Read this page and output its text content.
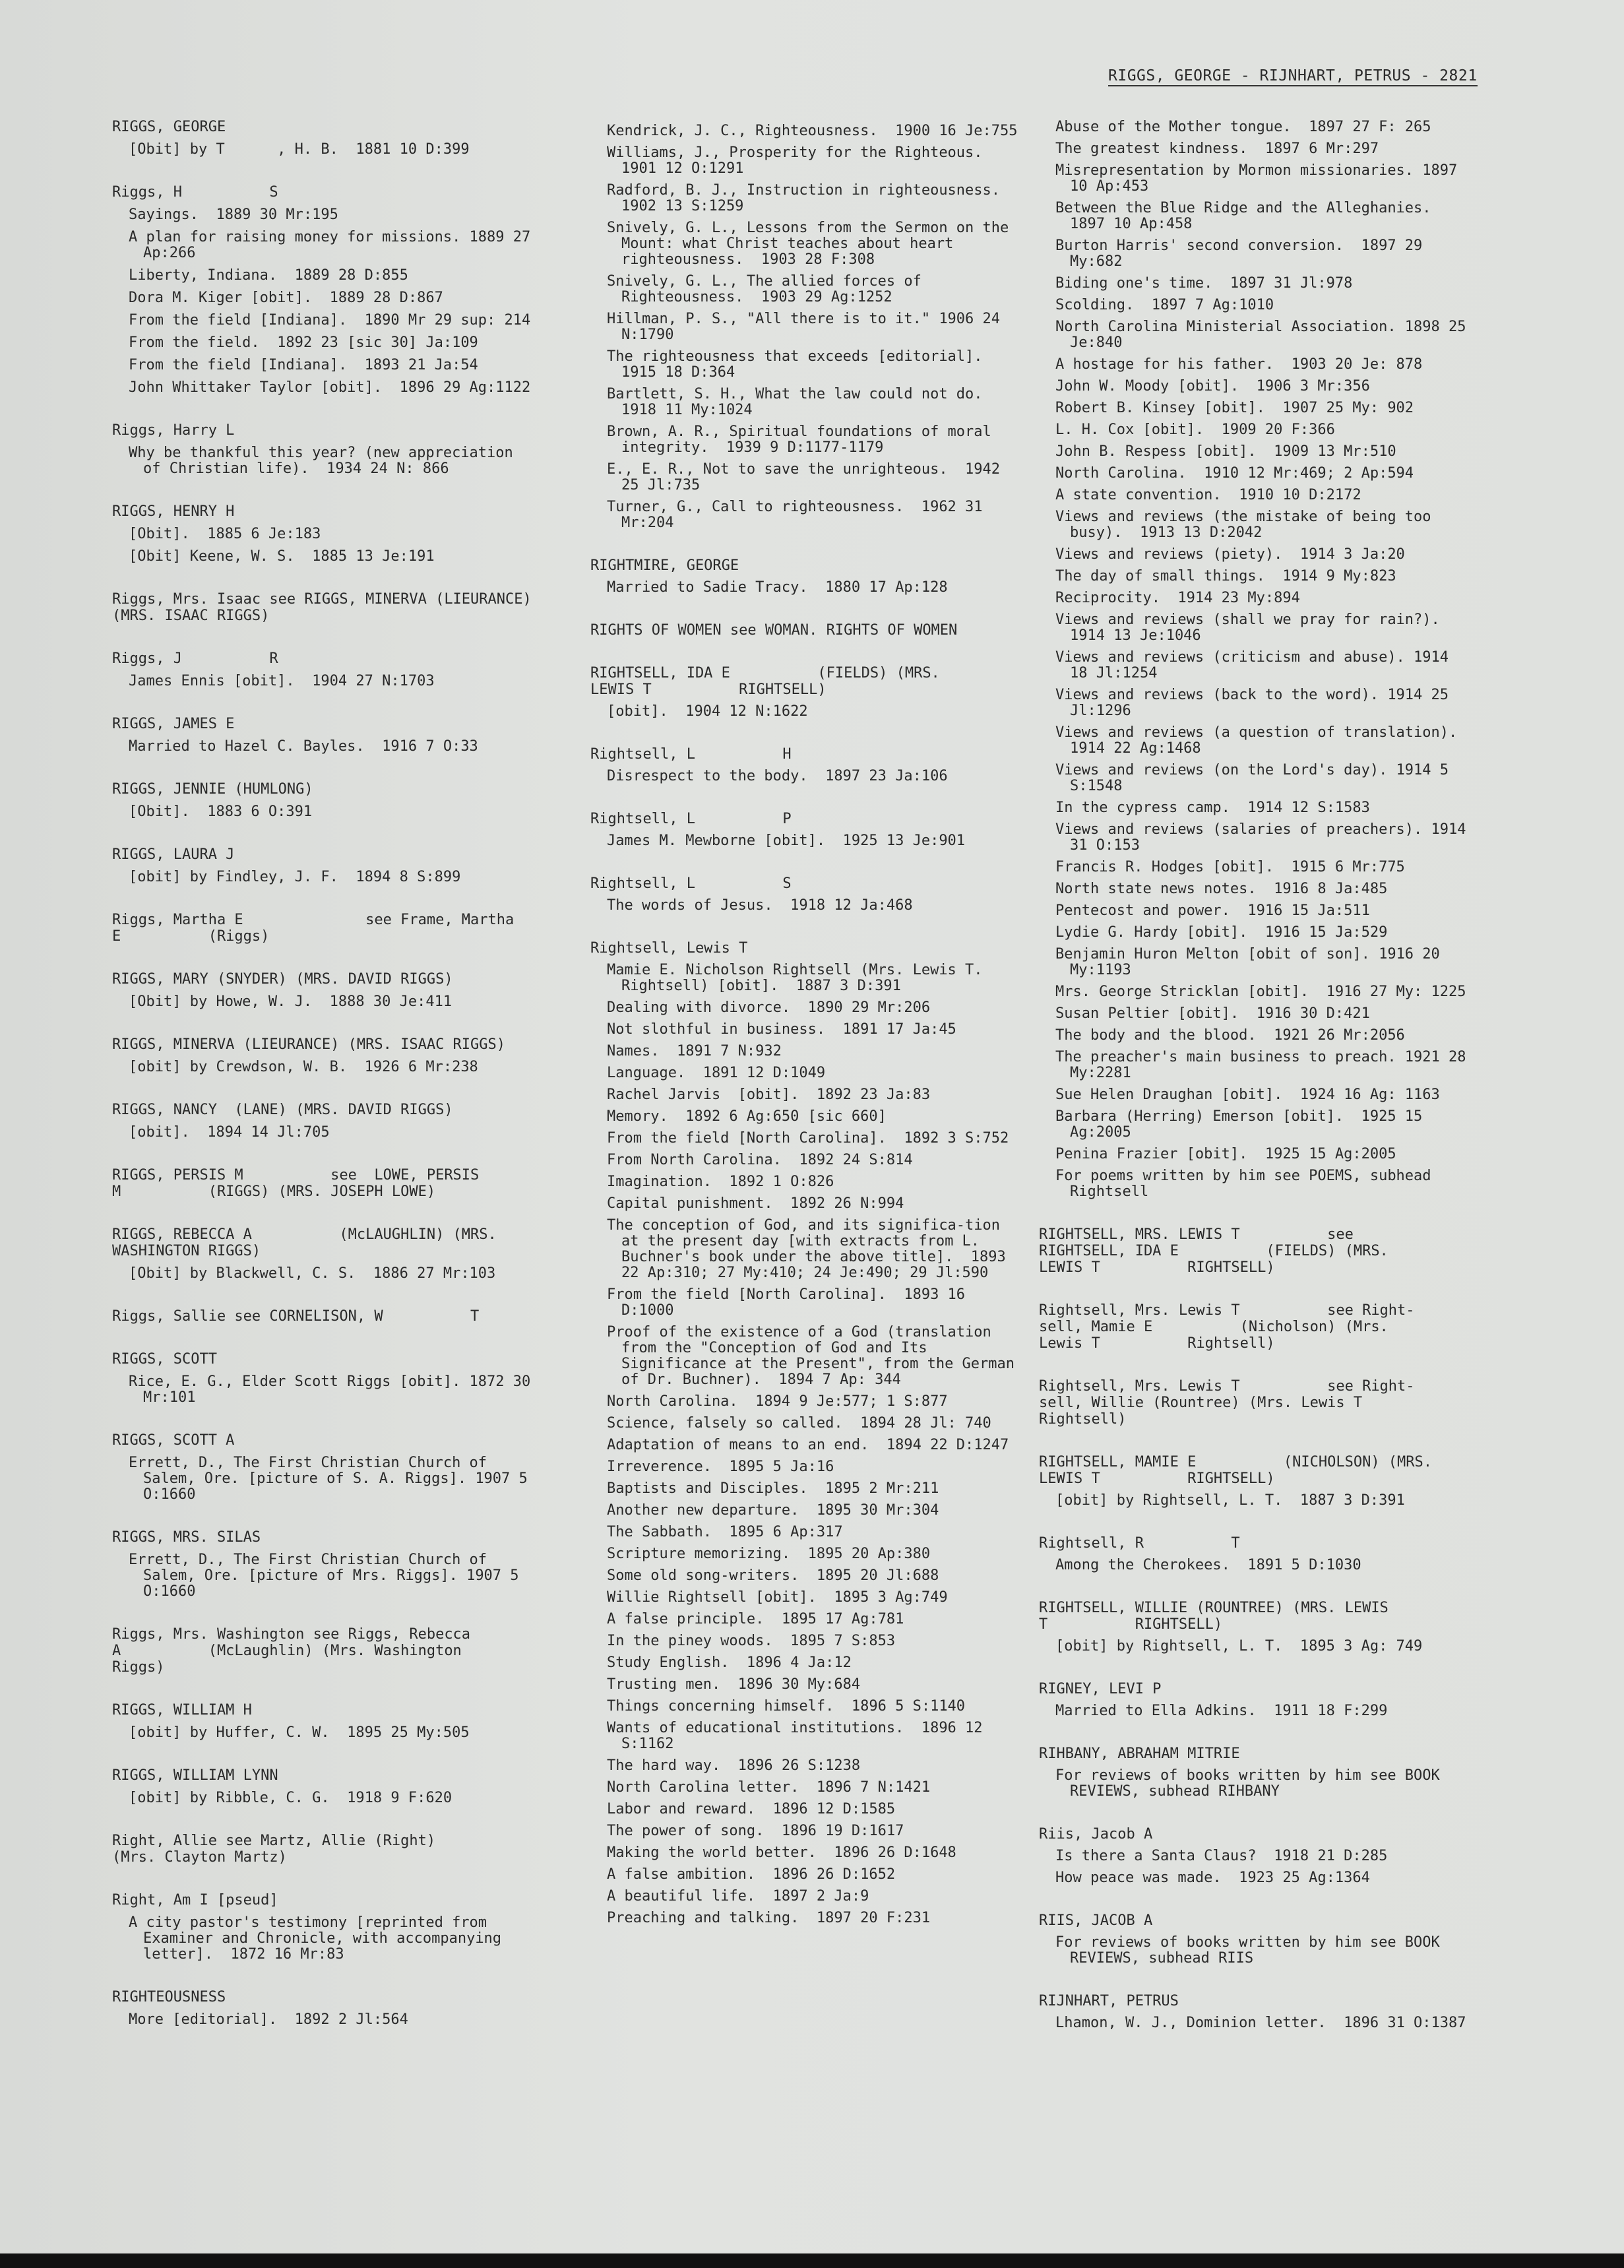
RIGGS, GEORGE - RIJNHART, PETRUS - 2821
RIGGS, GEORGE
[Obit] by T      , H. B.  1881 10 D:399
Riggs, H          S
Sayings.  1889 30 Mr:195
A plan for raising money for missions. 1889 27 Ap:266
Liberty, Indiana.  1889 28 D:855
Dora M. Kiger [obit].  1889 28 D:867
From the field [Indiana].  1890 Mr 29 sup: 214
From the field.  1892 23 [sic 30] Ja:109
From the field [Indiana].  1893 21 Ja:54
John Whittaker Taylor [obit].  1896 29 Ag:1122
Riggs, Harry L
Why be thankful this year? (new appreciation of Christian life).  1934 24 N: 866
RIGGS, HENRY H
[Obit].  1885 6 Je:183
[Obit] Keene, W. S.  1885 13 Je:191
Riggs, Mrs. Isaac see RIGGS, MINERVA (LIEURANCE) (MRS. ISAAC RIGGS)
Riggs, J          R
James Ennis [obit].  1904 27 N:1703
RIGGS, JAMES E
Married to Hazel C. Bayles.  1916 7 O:33
RIGGS, JENNIE (HUMLONG)
[Obit].  1883 6 O:391
RIGGS, LAURA J
[obit] by Findley, J. F.  1894 8 S:899
Riggs, Martha E              see Frame, Martha
E          (Riggs)
RIGGS, MARY (SNYDER) (MRS. DAVID RIGGS)
[Obit] by Howe, W. J.  1888 30 Je:411
RIGGS, MINERVA (LIEURANCE) (MRS. ISAAC RIGGS)
[obit] by Crewdson, W. B.  1926 6 Mr:238
RIGGS, NANCY  (LANE) (MRS. DAVID RIGGS)
[obit].  1894 14 Jl:705
RIGGS, PERSIS M          see  LOWE, PERSIS
M          (RIGGS) (MRS. JOSEPH LOWE)
RIGGS, REBECCA A          (McLAUGHLIN) (MRS. WASHINGTON RIGGS)
[Obit] by Blackwell, C. S.  1886 27 Mr:103
Riggs, Sallie see CORNELISON, W          T
RIGGS, SCOTT
Rice, E. G., Elder Scott Riggs [obit]. 1872 30 Mr:101
RIGGS, SCOTT A
Errett, D., The First Christian Church of Salem, Ore. [picture of S. A. Riggs]. 1907 5 O:1660
RIGGS, MRS. SILAS
Errett, D., The First Christian Church of Salem, Ore. [picture of Mrs. Riggs]. 1907 5 O:1660
Riggs, Mrs. Washington see Riggs, Rebecca
A          (McLaughlin) (Mrs. Washington
Riggs)
RIGGS, WILLIAM H
[obit] by Huffer, C. W.  1895 25 My:505
RIGGS, WILLIAM LYNN
[obit] by Ribble, C. G.  1918 9 F:620
Right, Allie see Martz, Allie (Right)
(Mrs. Clayton Martz)
Right, Am I [pseud]
A city pastor's testimony [reprinted from Examiner and Chronicle, with accompanying letter].  1872 16 Mr:83
RIGHTEOUSNESS
More [editorial].  1892 2 Jl:564
Kendrick, J. C., Righteousness.  1900 16 Je:755
Williams, J., Prosperity for the Righteous.  1901 12 O:1291
Radford, B. J., Instruction in righteousness.  1902 13 S:1259
Snively, G. L., Lessons from the Sermon on the Mount: what Christ teaches about heart righteousness.  1903 28 F:308
Snively, G. L., The allied forces of Righteousness.  1903 29 Ag:1252
Hillman, P. S., "All there is to it." 1906 24 N:1790
The righteousness that exceeds [editorial]. 1915 18 D:364
Bartlett, S. H., What the law could not do.  1918 11 My:1024
Brown, A. R., Spiritual foundations of moral integrity.  1939 9 D:1177-1179
E., E. R., Not to save the unrighteous.  1942 25 Jl:735
Turner, G., Call to righteousness.  1962 31 Mr:204
RIGHTMIRE, GEORGE
Married to Sadie Tracy.  1880 17 Ap:128
RIGHTS OF WOMEN see WOMAN. RIGHTS OF WOMEN
RIGHTSELL, IDA E          (FIELDS) (MRS.
LEWIS T          RIGHTSELL)
[obit].  1904 12 N:1622
Rightsell, L          H
Disrespect to the body.  1897 23 Ja:106
Rightsell, L          P
James M. Mewborne [obit].  1925 13 Je:901
Rightsell, L          S
The words of Jesus.  1918 12 Ja:468
Rightsell, Lewis T
Mamie E. Nicholson Rightsell (Mrs. Lewis T. Rightsell) [obit].  1887 3 D:391
Dealing with divorce.  1890 29 Mr:206
Not slothful in business.  1891 17 Ja:45
Names.  1891 7 N:932
Language.  1891 12 D:1049
Rachel Jarvis  [obit].  1892 23 Ja:83
Memory.  1892 6 Ag:650 [sic 660]
From the field [North Carolina].  1892 3 S:752
From North Carolina.  1892 24 S:814
Imagination.  1892 1 O:826
Capital punishment.  1892 26 N:994
The conception of God, and its significa-tion at the present day [with extracts from L. Buchner's book under the above title].  1893 22 Ap:310; 27 My:410; 24 Je:490; 29 Jl:590
From the field [North Carolina].  1893 16 D:1000
Proof of the existence of a God (translation from the "Conception of God and Its Significance at the Present", from the German of Dr. Buchner).  1894 7 Ap: 344
North Carolina.  1894 9 Je:577; 1 S:877
Science, falsely so called.  1894 28 Jl: 740
Adaptation of means to an end.  1894 22 D:1247
Irreverence.  1895 5 Ja:16
Baptists and Disciples.  1895 2 Mr:211
Another new departure.  1895 30 Mr:304
The Sabbath.  1895 6 Ap:317
Scripture memorizing.  1895 20 Ap:380
Some old song-writers.  1895 20 Jl:688
Willie Rightsell [obit].  1895 3 Ag:749
A false principle.  1895 17 Ag:781
In the piney woods.  1895 7 S:853
Study English.  1896 4 Ja:12
Trusting men.  1896 30 My:684
Things concerning himself.  1896 5 S:1140
Wants of educational institutions.  1896 12 S:1162
The hard way.  1896 26 S:1238
North Carolina letter.  1896 7 N:1421
Labor and reward.  1896 12 D:1585
The power of song.  1896 19 D:1617
Making the world better.  1896 26 D:1648
A false ambition.  1896 26 D:1652
A beautiful life.  1897 2 Ja:9
Preaching and talking.  1897 20 F:231
Abuse of the Mother tongue.  1897 27 F: 265
The greatest kindness.  1897 6 Mr:297
Misrepresentation by Mormon missionaries. 1897 10 Ap:453
Between the Blue Ridge and the Alleghanies.  1897 10 Ap:458
Burton Harris' second conversion.  1897 29 My:682
Biding one's time.  1897 31 Jl:978
Scolding.  1897 7 Ag:1010
North Carolina Ministerial Association. 1898 25 Je:840
A hostage for his father.  1903 20 Je: 878
John W. Moody [obit].  1906 3 Mr:356
Robert B. Kinsey [obit].  1907 25 My: 902
L. H. Cox [obit].  1909 20 F:366
John B. Respess [obit].  1909 13 Mr:510
North Carolina.  1910 12 Mr:469; 2 Ap:594
A state convention.  1910 10 D:2172
Views and reviews (the mistake of being too busy).  1913 13 D:2042
Views and reviews (piety).  1914 3 Ja:20
The day of small things.  1914 9 My:823
Reciprocity.  1914 23 My:894
Views and reviews (shall we pray for rain?).  1914 13 Je:1046
Views and reviews (criticism and abuse). 1914 18 Jl:1254
Views and reviews (back to the word). 1914 25 Jl:1296
Views and reviews (a question of translation).  1914 22 Ag:1468
Views and reviews (on the Lord's day). 1914 5 S:1548
In the cypress camp.  1914 12 S:1583
Views and reviews (salaries of preachers). 1914 31 O:153
Francis R. Hodges [obit].  1915 6 Mr:775
North state news notes.  1916 8 Ja:485
Pentecost and power.  1916 15 Ja:511
Lydie G. Hardy [obit].  1916 15 Ja:529
Benjamin Huron Melton [obit of son]. 1916 20 My:1193
Mrs. George Stricklan [obit].  1916 27 My: 1225
Susan Peltier [obit].  1916 30 D:421
The body and the blood.  1921 26 Mr:2056
The preacher's main business to preach. 1921 28 My:2281
Sue Helen Draughan [obit].  1924 16 Ag: 1163
Barbara (Herring) Emerson [obit].  1925 15 Ag:2005
Penina Frazier [obit].  1925 15 Ag:2005
For poems written by him see POEMS, subhead Rightsell
RIGHTSELL, MRS. LEWIS T          see
RIGHTSELL, IDA E          (FIELDS) (MRS.
LEWIS T          RIGHTSELL)
Rightsell, Mrs. Lewis T          see Right-
sell, Mamie E          (Nicholson) (Mrs.
Lewis T          Rightsell)
Rightsell, Mrs. Lewis T          see Right-
sell, Willie (Rountree) (Mrs. Lewis T
Rightsell)
RIGHTSELL, MAMIE E          (NICHOLSON) (MRS.
LEWIS T          RIGHTSELL)
[obit] by Rightsell, L. T.  1887 3 D:391
Rightsell, R          T
Among the Cherokees.  1891 5 D:1030
RIGHTSELL, WILLIE (ROUNTREE) (MRS. LEWIS
T          RIGHTSELL)
[obit] by Rightsell, L. T.  1895 3 Ag: 749
RIGNEY, LEVI P
Married to Ella Adkins.  1911 18 F:299
RIHBANY, ABRAHAM MITRIE
For reviews of books written by him see BOOK REVIEWS, subhead RIHBANY
Riis, Jacob A
Is there a Santa Claus?  1918 21 D:285
How peace was made.  1923 25 Ag:1364
RIIS, JACOB A
For reviews of books written by him see BOOK REVIEWS, subhead RIIS
RIJNHART, PETRUS
Lhamon, W. J., Dominion letter.  1896 31 O:1387
